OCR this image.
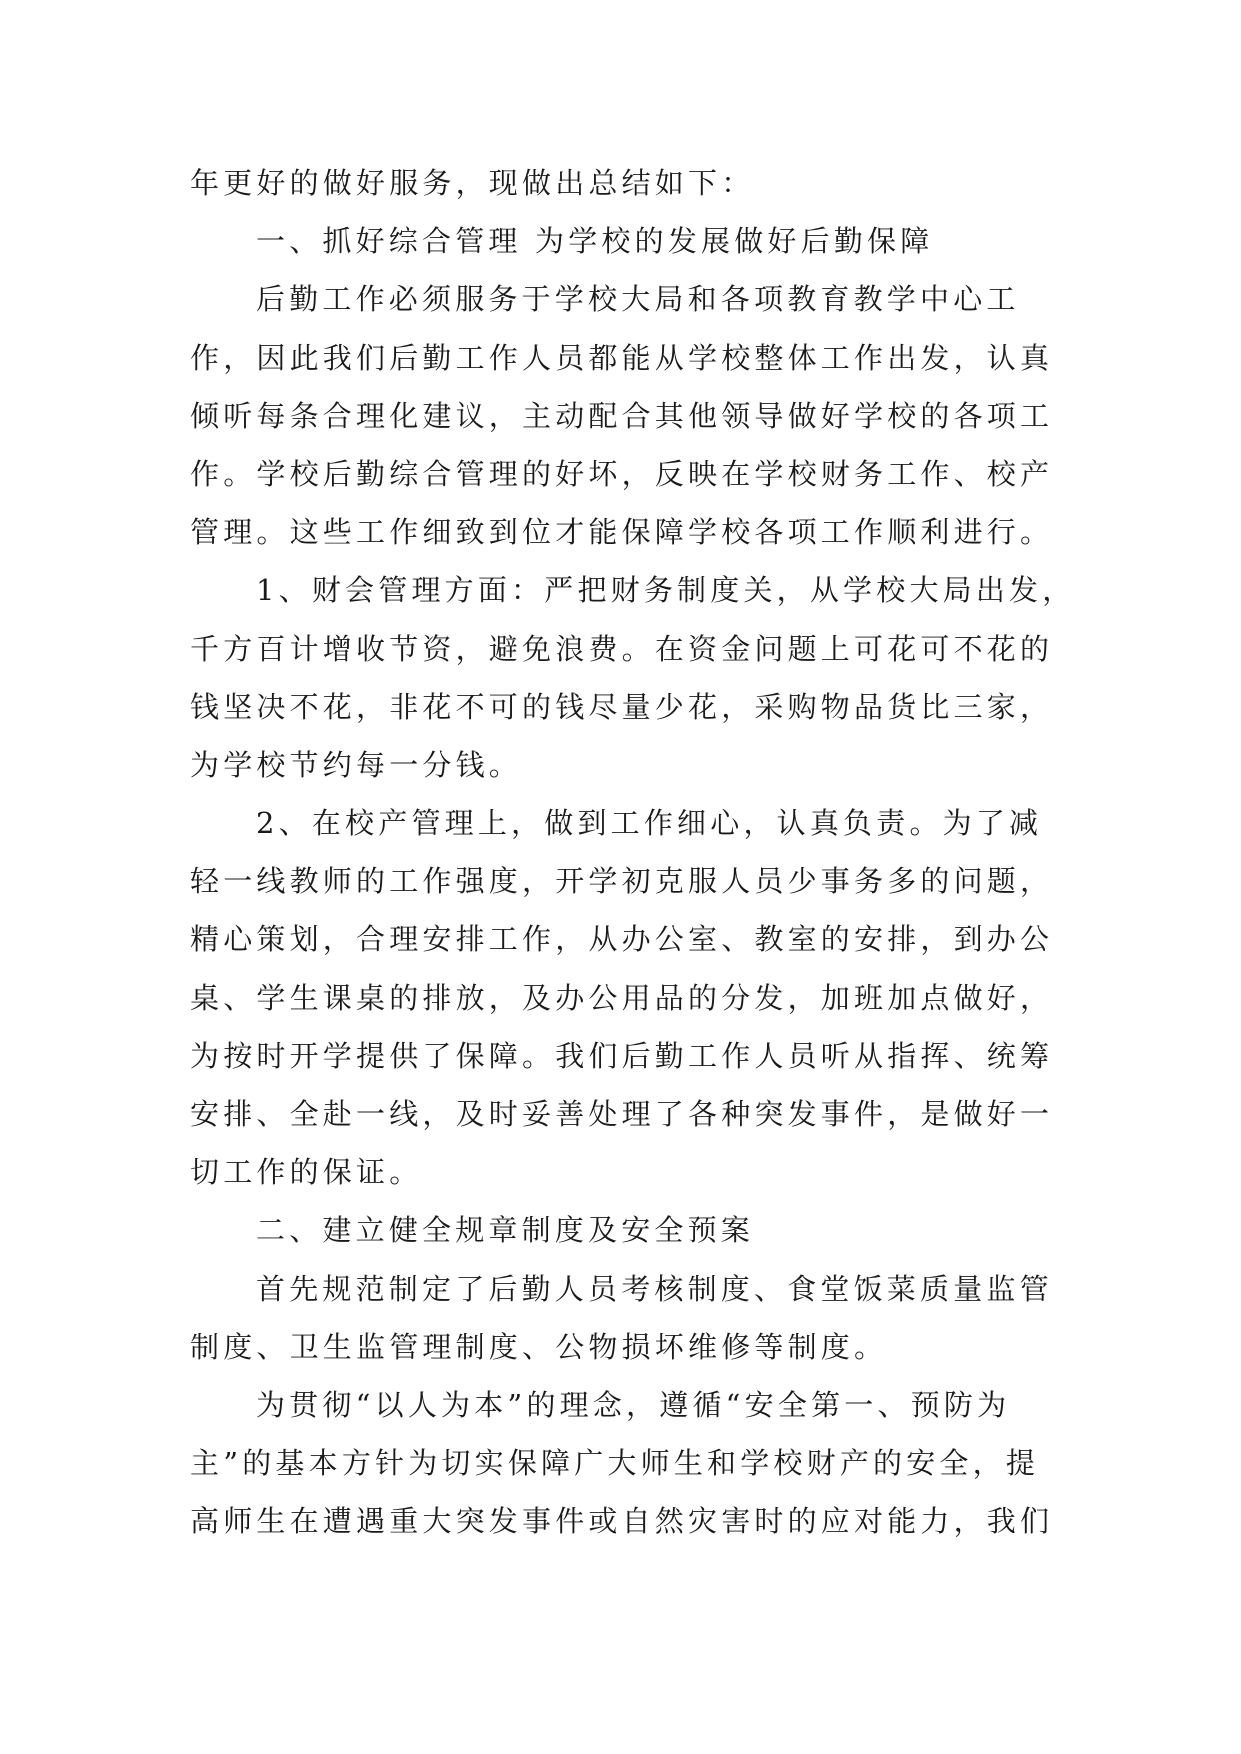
年更好的做好服务，现做出总结如下：
一、抓好综合管理 为学校的发展做好后勤保障
后勤工作必须服务于学校大局和各项教育教学中心工
作，因此我们后勤工作人员都能从学校整体工作出发，认真
倾听每条合理化建议，主动配合其他领导做好学校的各项工
作。学校后勤综合管理的好坏，反映在学校财务工作、校产
管理。这些工作细致到位才能保障学校各项工作顺利进行。
1、财会管理方面：严把财务制度关，从学校大局出发，
千方百计增收节资，避免浪费。在资金问题上可花可不花的
钱坚决不花，非花不可的钱尽量少花，采购物品货比三家，
为学校节约每一分钱。
2、在校产管理上，做到工作细心，认真负责。为了减
轻一线教师的工作强度，开学初克服人员少事务多的问题，
精心策划，合理安排工作，从办公室、教室的安排，到办公
桌、学生课桌的排放，及办公用品的分发，加班加点做好，
为按时开学提供了保障。我们后勤工作人员听从指挥、统筹
安排、全赴一线，及时妥善处理了各种突发事件，是做好一
切工作的保证。
二、建立健全规章制度及安全预案
首先规范制定了后勤人员考核制度、食堂饭菜质量监管
制度、卫生监管理制度、公物损坏维修等制度。
为贯彻“以人为本”的理念，遵循“安全第一、预防为
主”的基本方针为切实保障广大师生和学校财产的安全，提
高师生在遭遇重大突发事件或自然灾害时的应对能力，我们
